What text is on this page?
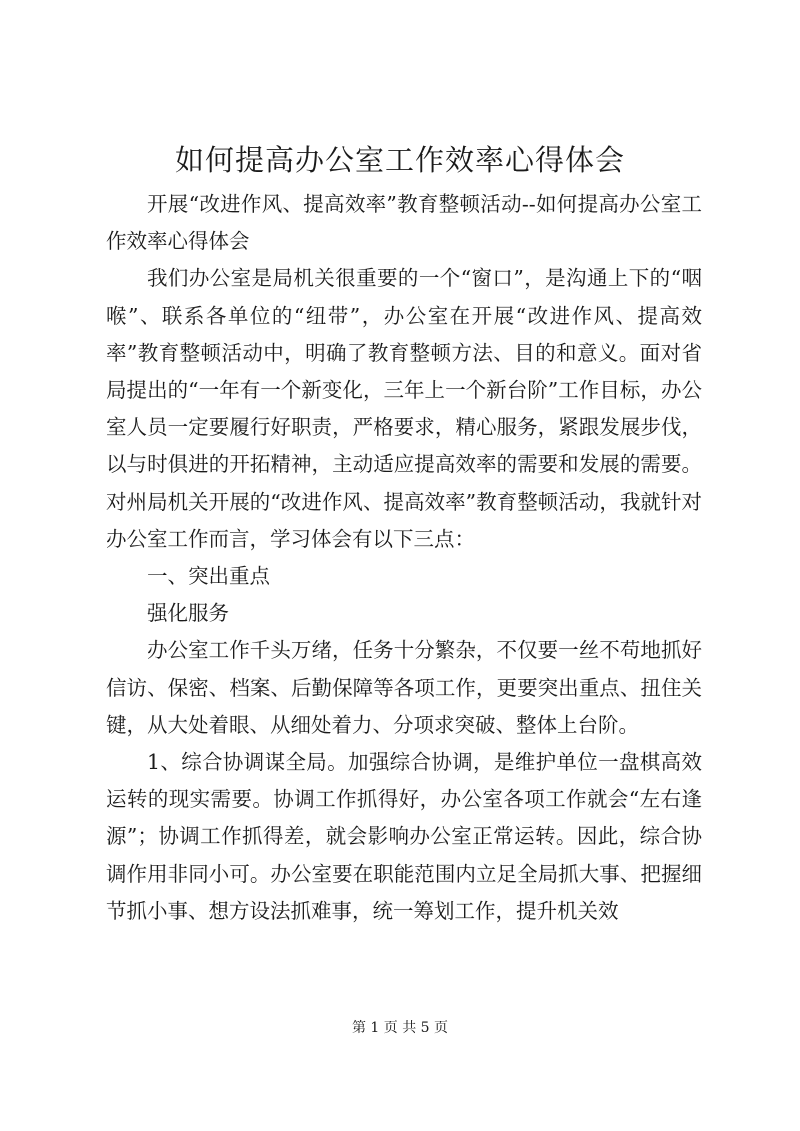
如何提高办公室工作效率心得体会

开展“改进作风、提高效率”教育整顿活动--如何提高办公室工作效率心得体会

我们办公室是局机关很重要的一个“窗口”，是沟通上下的“咽喉”、联系各单位的“纽带”，办公室在开展“改进作风、提高效率”教育整顿活动中，明确了教育整顿方法、目的和意义。面对省局提出的“一年有一个新变化，三年上一个新台阶”工作目标，办公室人员一定要履行好职责，严格要求，精心服务，紧跟发展步伐，以与时俱进的开拓精神，主动适应提高效率的需要和发展的需要。对州局机关开展的“改进作风、提高效率”教育整顿活动，我就针对办公室工作而言，学习体会有以下三点：

一、突出重点

强化服务

办公室工作千头万绪，任务十分繁杂，不仅要一丝不苟地抓好信访、保密、档案、后勤保障等各项工作，更要突出重点、扭住关键，从大处着眼、从细处着力、分项求突破、整体上台阶。

1、综合协调谋全局。加强综合协调，是维护单位一盘棋高效运转的现实需要。协调工作抓得好，办公室各项工作就会“左右逢源”；协调工作抓得差，就会影响办公室正常运转。因此，综合协调作用非同小可。办公室要在职能范围内立足全局抓大事、把握细节抓小事、想方设法抓难事，统一筹划工作，提升机关效

第 1 页 共 5 页
